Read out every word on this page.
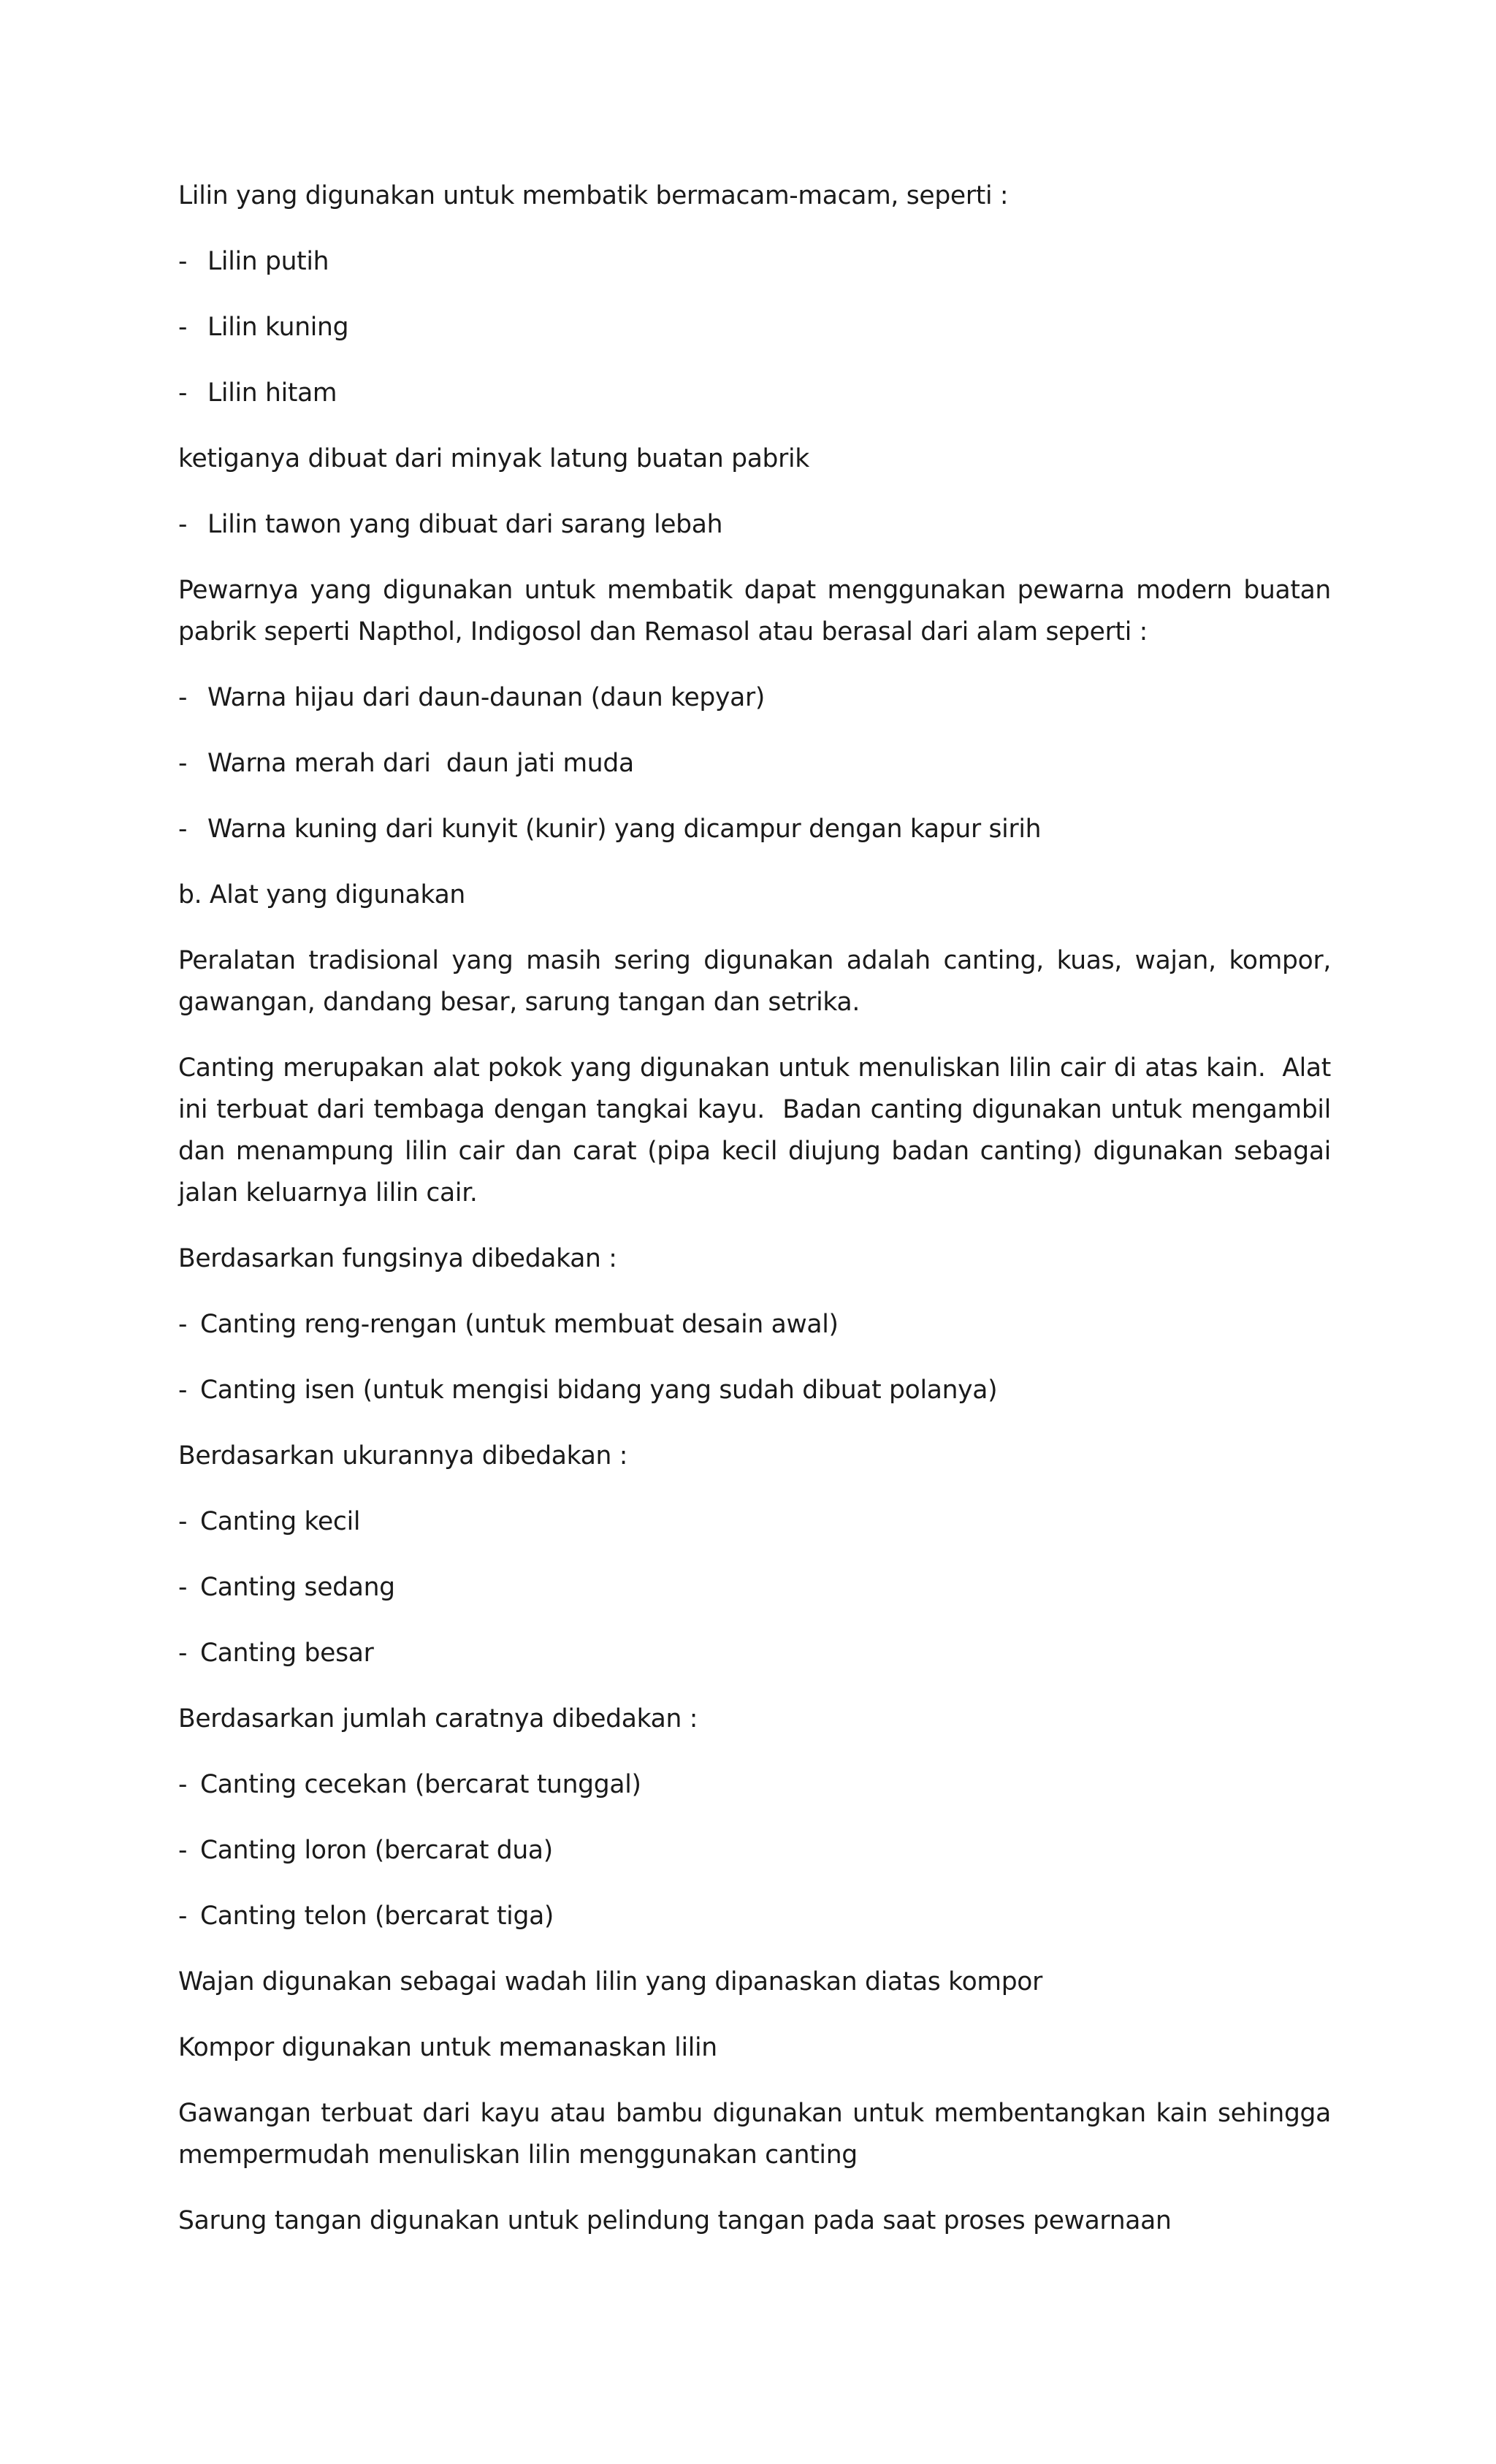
Lilin yang digunakan untuk membatik bermacam-macam, seperti :

- Lilin putih
- Lilin kuning
- Lilin hitam

ketiganya dibuat dari minyak latung buatan pabrik

- Lilin tawon yang dibuat dari sarang lebah

Pewarnya yang digunakan untuk membatik dapat menggunakan pewarna modern buatan pabrik seperti Napthol, Indigosol dan Remasol atau berasal dari alam seperti :

- Warna hijau dari daun-daunan (daun kepyar)
- Warna merah dari  daun jati muda
- Warna kuning dari kunyit (kunir) yang dicampur dengan kapur sirih

b. Alat yang digunakan

Peralatan tradisional yang masih sering digunakan adalah canting, kuas, wajan, kompor, gawangan, dandang besar, sarung tangan dan setrika.

Canting merupakan alat pokok yang digunakan untuk menuliskan lilin cair di atas kain.  Alat ini terbuat dari tembaga dengan tangkai kayu.  Badan canting digunakan untuk mengambil dan menampung lilin cair dan carat (pipa kecil diujung badan canting) digunakan sebagai jalan keluarnya lilin cair.

Berdasarkan fungsinya dibedakan :

- Canting reng-rengan (untuk membuat desain awal)
- Canting isen (untuk mengisi bidang yang sudah dibuat polanya)

Berdasarkan ukurannya dibedakan :

- Canting kecil
- Canting sedang
- Canting besar

Berdasarkan jumlah caratnya dibedakan :

- Canting cecekan (bercarat tunggal)
- Canting loron (bercarat dua)
- Canting telon (bercarat tiga)

Wajan digunakan sebagai wadah lilin yang dipanaskan diatas kompor

Kompor digunakan untuk memanaskan lilin

Gawangan terbuat dari kayu atau bambu digunakan untuk membentangkan kain sehingga mempermudah menuliskan lilin menggunakan canting

Sarung tangan digunakan untuk pelindung tangan pada saat proses pewarnaan
